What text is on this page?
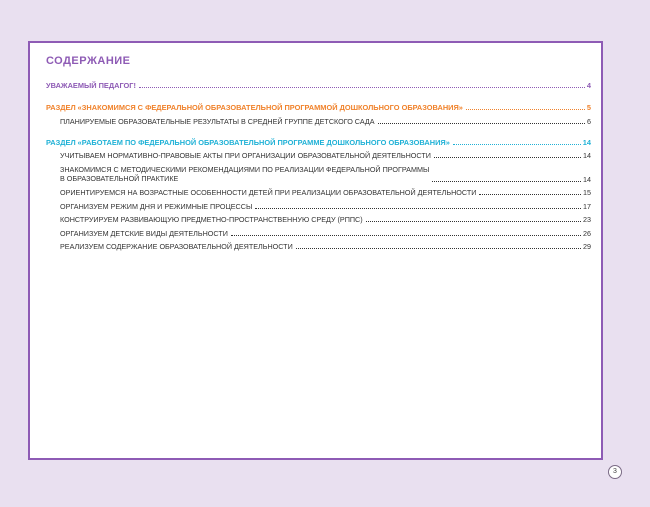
СОДЕРЖАНИЕ
УВАЖАЕМЫЙ ПЕДАГОГ!	4
РАЗДЕЛ «ЗНАКОМИМСЯ С ФЕДЕРАЛЬНОЙ ОБРАЗОВАТЕЛЬНОЙ ПРОГРАММОЙ ДОШКОЛЬНОГО ОБРАЗОВАНИЯ»	5
ПЛАНИРУЕМЫЕ ОБРАЗОВАТЕЛЬНЫЕ РЕЗУЛЬТАТЫ В СРЕДНЕЙ ГРУППЕ ДЕТСКОГО САДА	6
РАЗДЕЛ «РАБОТАЕМ ПО ФЕДЕРАЛЬНОЙ ОБРАЗОВАТЕЛЬНОЙ ПРОГРАММЕ ДОШКОЛЬНОГО ОБРАЗОВАНИЯ»	14
УЧИТЫВАЕМ НОРМАТИВНО-ПРАВОВЫЕ АКТЫ ПРИ ОРГАНИЗАЦИИ ОБРАЗОВАТЕЛЬНОЙ ДЕЯТЕЛЬНОСТИ	14
ЗНАКОМИМСЯ С МЕТОДИЧЕСКИМИ РЕКОМЕНДАЦИЯМИ ПО РЕАЛИЗАЦИИ ФЕДЕРАЛЬНОЙ ПРОГРАММЫ
В ОБРАЗОВАТЕЛЬНОЙ ПРАКТИКЕ	14
ОРИЕНТИРУЕМСЯ НА ВОЗРАСТНЫЕ ОСОБЕННОСТИ ДЕТЕЙ ПРИ РЕАЛИЗАЦИИ ОБРАЗОВАТЕЛЬНОЙ ДЕЯТЕЛЬНОСТИ	15
ОРГАНИЗУЕМ РЕЖИМ ДНЯ И РЕЖИМНЫЕ ПРОЦЕССЫ	17
КОНСТРУИРУЕМ РАЗВИВАЮЩУЮ ПРЕДМЕТНО-ПРОСТРАНСТВЕННУЮ СРЕДУ (РППС)	23
ОРГАНИЗУЕМ ДЕТСКИЕ ВИДЫ ДЕЯТЕЛЬНОСТИ	26
РЕАЛИЗУЕМ СОДЕРЖАНИЕ ОБРАЗОВАТЕЛЬНОЙ ДЕЯТЕЛЬНОСТИ	29
3
